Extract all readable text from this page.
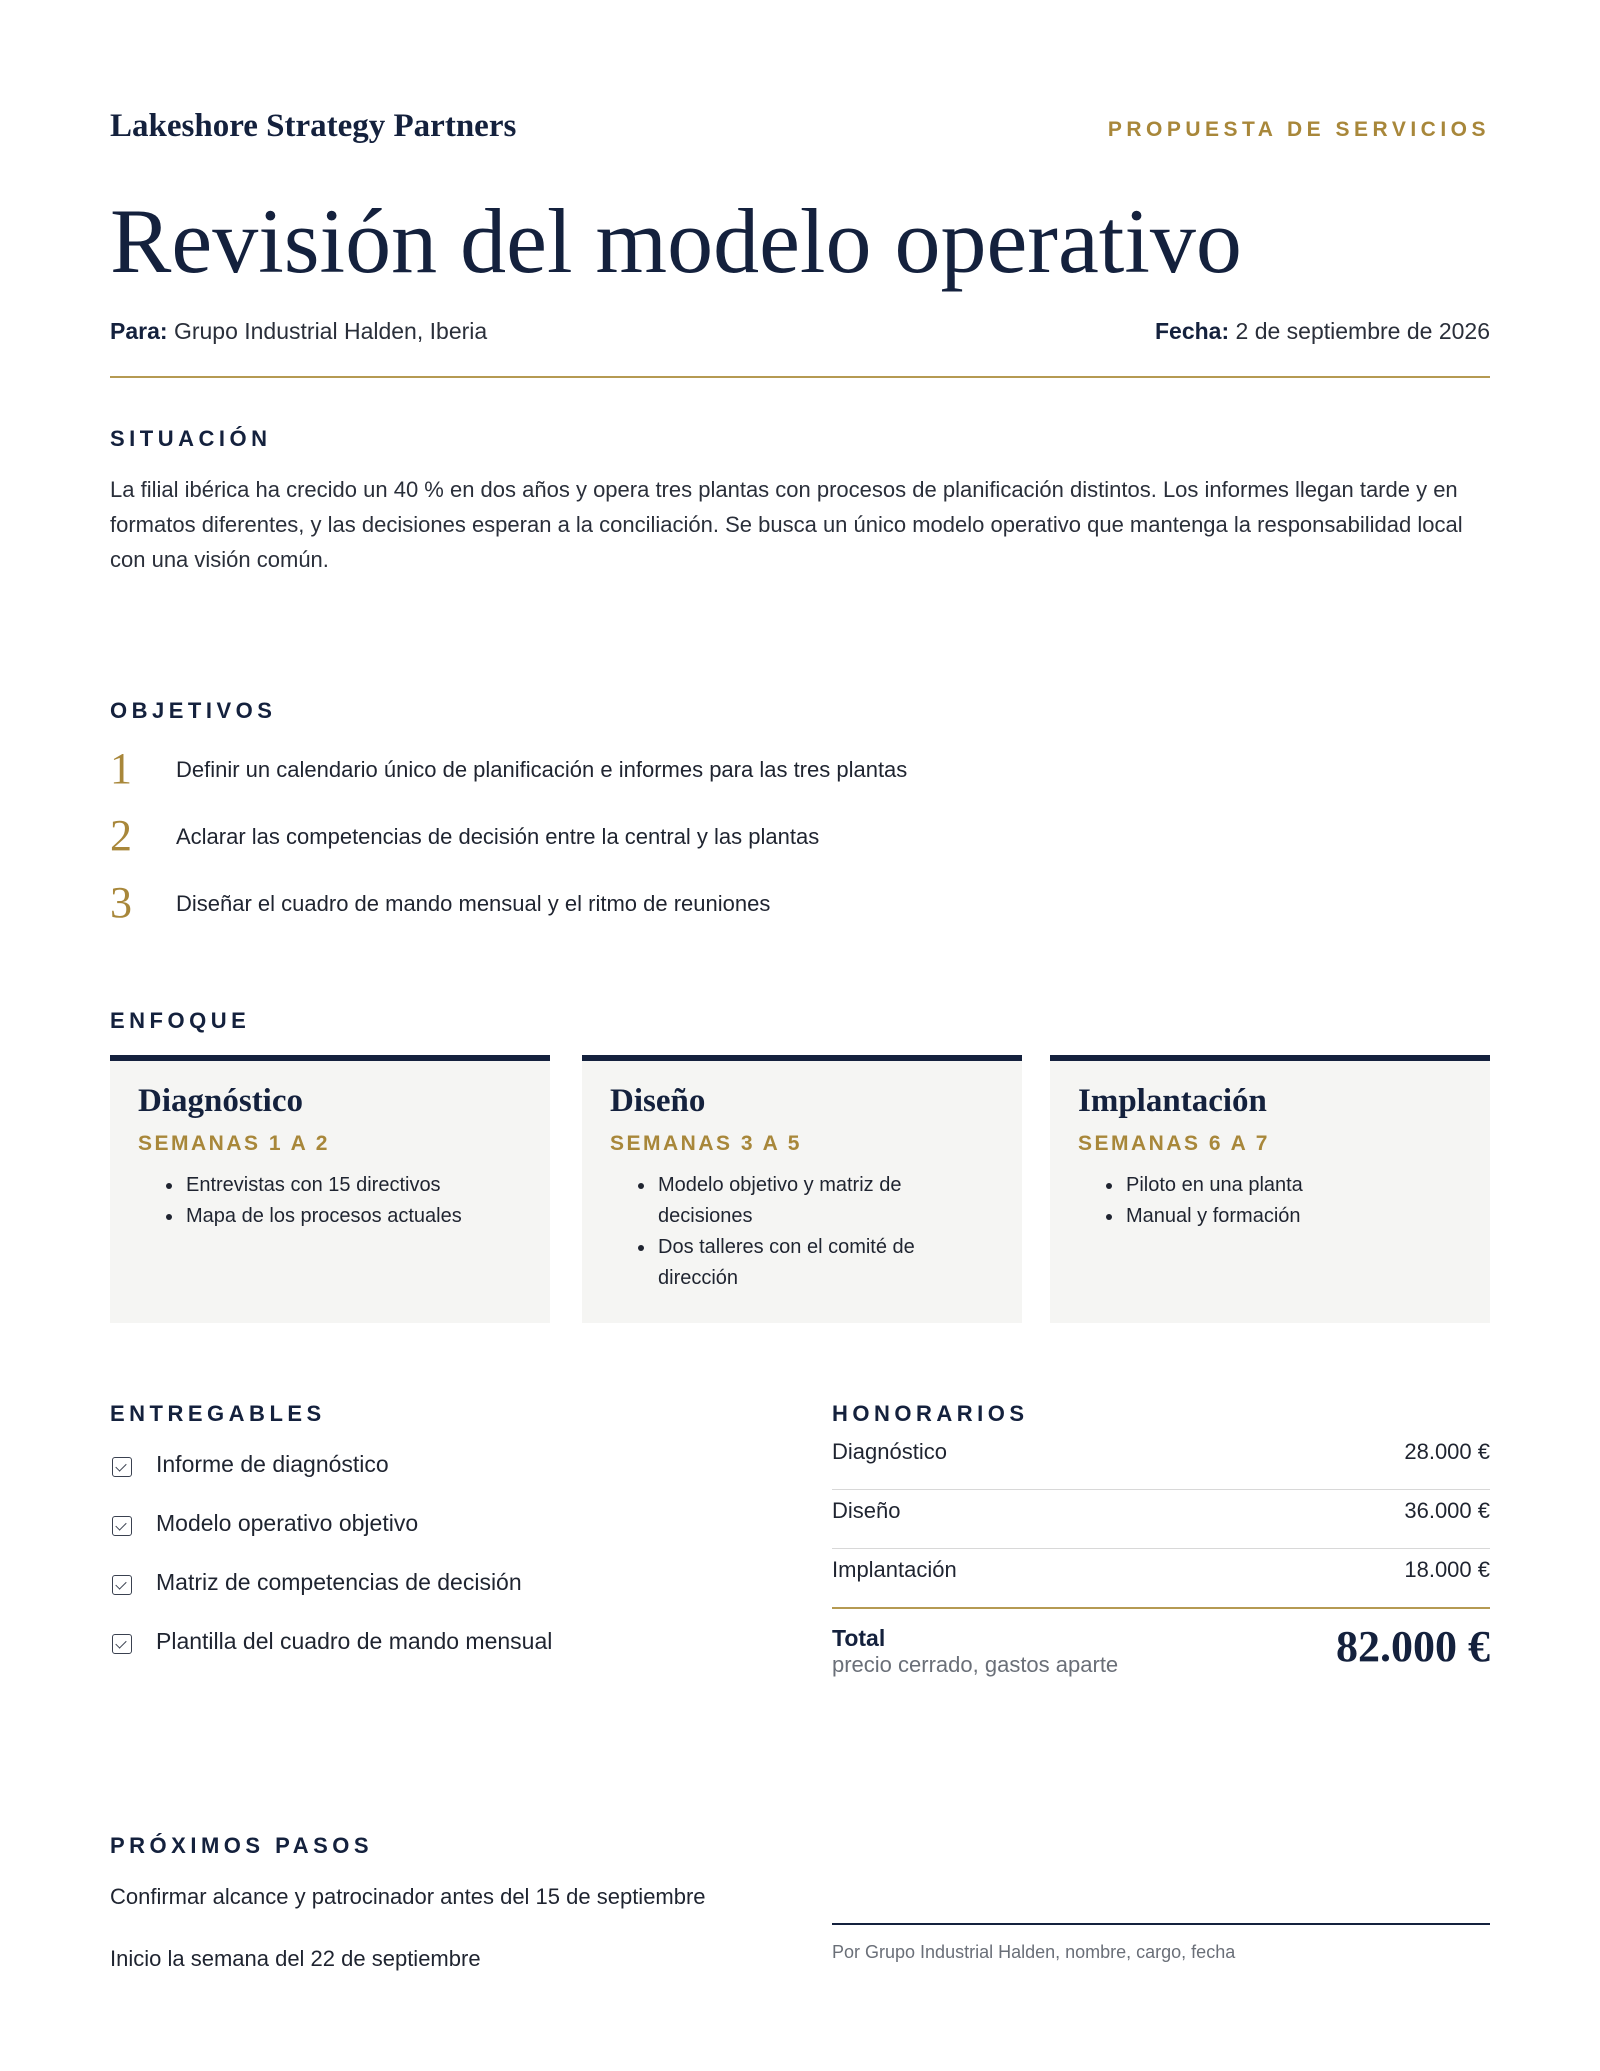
Lakeshore Strategy Partners	PROPUESTA DE SERVICIOS
Revisión del modelo operativo
Para: Grupo Industrial Halden, Iberia	Fecha: 2 de septiembre de 2026
SITUACIÓN

La filial ibérica ha crecido un 40 % en dos años y opera tres plantas con procesos de planificación distintos. Los informes llegan tarde y en formatos diferentes, y las decisiones esperan a la conciliación. Se busca un único modelo operativo que mantenga la responsabilidad local con una visión común.

OBJETIVOS
1 Definir un calendario único de planificación e informes para las tres plantas
2 Aclarar las competencias de decisión entre la central y las plantas
3 Diseñar el cuadro de mando mensual y el ritmo de reuniones
ENFOQUE
Diagnóstico
SEMANAS 1 A 2
Entrevistas con 15 directivos
Mapa de los procesos actuales
Diseño
SEMANAS 3 A 5
Modelo objetivo y matriz de decisiones
Dos talleres con el comité de dirección
Implantación
SEMANAS 6 A 7
Piloto en una planta
Manual y formación
ENTREGABLES
Informe de diagnóstico
Modelo operativo objetivo
Matriz de competencias de decisión
Plantilla del cuadro de mando mensual
HONORARIOS
Diagnóstico	28.000 €
Diseño	36.000 €
Implantación	18.000 €
Total
precio cerrado, gastos aparte	82.000 €
PRÓXIMOS PASOS
Confirmar alcance y patrocinador antes del 15 de septiembre
Inicio la semana del 22 de septiembre	Por Grupo Industrial Halden, nombre, cargo, fecha
